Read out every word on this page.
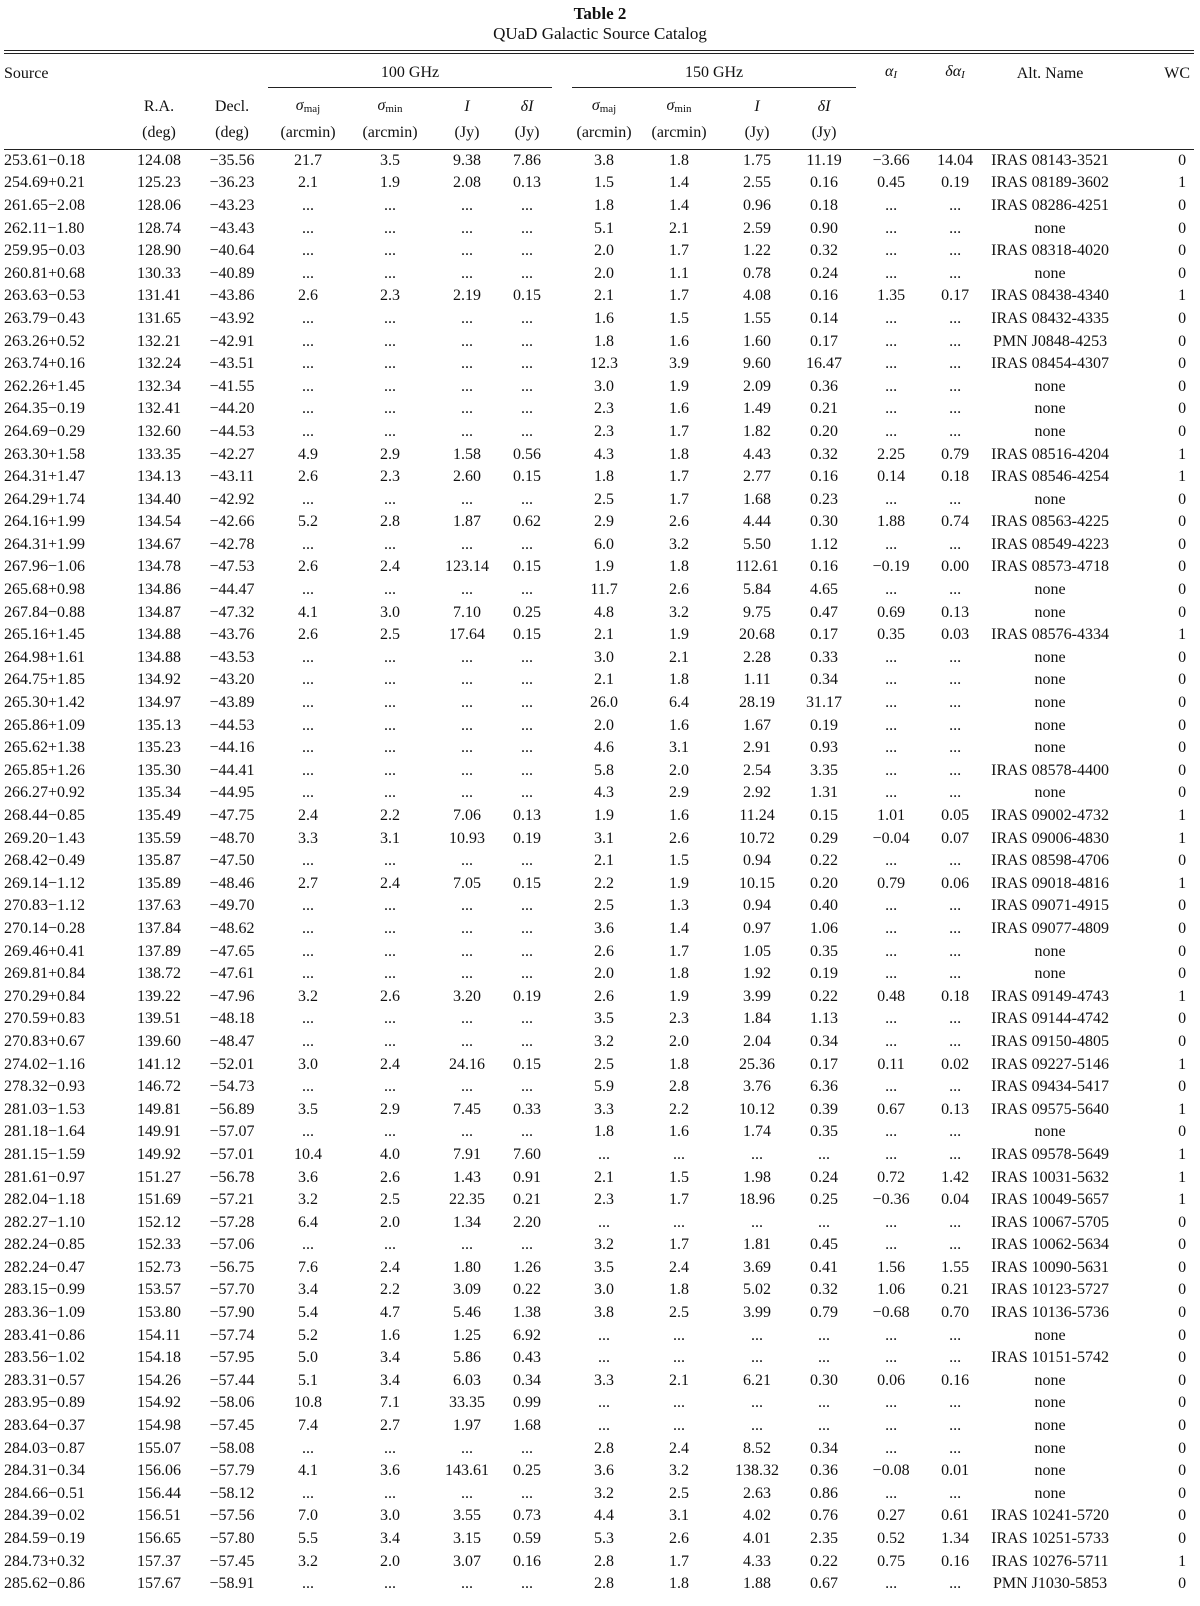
Table 2
QUaD Galactic Source Catalog
Source			100 GHz					150 GHz				αI	δαI	Alt. Name	WC
	R.A.	Decl.	σmaj	σmin	I	δI		σmaj	σmin	I	δI				
	(deg)	(deg)	(arcmin)	(arcmin)	(Jy)	(Jy)		(arcmin)	(arcmin)	(Jy)	(Jy)				
253.61−0.18	124.08	−35.56	21.7	3.5	9.38	7.86		3.8	1.8	1.75	11.19	−3.66	14.04	IRAS 08143-3521	0
254.69+0.21	125.23	−36.23	2.1	1.9	2.08	0.13		1.5	1.4	2.55	0.16	0.45	0.19	IRAS 08189-3602	1
261.65−2.08	128.06	−43.23	...	...	...	...		1.8	1.4	0.96	0.18	...	...	IRAS 08286-4251	0
262.11−1.80	128.74	−43.43	...	...	...	...		5.1	2.1	2.59	0.90	...	...	none	0
259.95−0.03	128.90	−40.64	...	...	...	...		2.0	1.7	1.22	0.32	...	...	IRAS 08318-4020	0
260.81+0.68	130.33	−40.89	...	...	...	...		2.0	1.1	0.78	0.24	...	...	none	0
263.63−0.53	131.41	−43.86	2.6	2.3	2.19	0.15		2.1	1.7	4.08	0.16	1.35	0.17	IRAS 08438-4340	1
263.79−0.43	131.65	−43.92	...	...	...	...		1.6	1.5	1.55	0.14	...	...	IRAS 08432-4335	0
263.26+0.52	132.21	−42.91	...	...	...	...		1.8	1.6	1.60	0.17	...	...	PMN J0848-4253	0
263.74+0.16	132.24	−43.51	...	...	...	...		12.3	3.9	9.60	16.47	...	...	IRAS 08454-4307	0
262.26+1.45	132.34	−41.55	...	...	...	...		3.0	1.9	2.09	0.36	...	...	none	0
264.35−0.19	132.41	−44.20	...	...	...	...		2.3	1.6	1.49	0.21	...	...	none	0
264.69−0.29	132.60	−44.53	...	...	...	...		2.3	1.7	1.82	0.20	...	...	none	0
263.30+1.58	133.35	−42.27	4.9	2.9	1.58	0.56		4.3	1.8	4.43	0.32	2.25	0.79	IRAS 08516-4204	1
264.31+1.47	134.13	−43.11	2.6	2.3	2.60	0.15		1.8	1.7	2.77	0.16	0.14	0.18	IRAS 08546-4254	1
264.29+1.74	134.40	−42.92	...	...	...	...		2.5	1.7	1.68	0.23	...	...	none	0
264.16+1.99	134.54	−42.66	5.2	2.8	1.87	0.62		2.9	2.6	4.44	0.30	1.88	0.74	IRAS 08563-4225	0
264.31+1.99	134.67	−42.78	...	...	...	...		6.0	3.2	5.50	1.12	...	...	IRAS 08549-4223	0
267.96−1.06	134.78	−47.53	2.6	2.4	123.14	0.15		1.9	1.8	112.61	0.16	−0.19	0.00	IRAS 08573-4718	0
265.68+0.98	134.86	−44.47	...	...	...	...		11.7	2.6	5.84	4.65	...	...	none	0
267.84−0.88	134.87	−47.32	4.1	3.0	7.10	0.25		4.8	3.2	9.75	0.47	0.69	0.13	none	0
265.16+1.45	134.88	−43.76	2.6	2.5	17.64	0.15		2.1	1.9	20.68	0.17	0.35	0.03	IRAS 08576-4334	1
264.98+1.61	134.88	−43.53	...	...	...	...		3.0	2.1	2.28	0.33	...	...	none	0
264.75+1.85	134.92	−43.20	...	...	...	...		2.1	1.8	1.11	0.34	...	...	none	0
265.30+1.42	134.97	−43.89	...	...	...	...		26.0	6.4	28.19	31.17	...	...	none	0
265.86+1.09	135.13	−44.53	...	...	...	...		2.0	1.6	1.67	0.19	...	...	none	0
265.62+1.38	135.23	−44.16	...	...	...	...		4.6	3.1	2.91	0.93	...	...	none	0
265.85+1.26	135.30	−44.41	...	...	...	...		5.8	2.0	2.54	3.35	...	...	IRAS 08578-4400	0
266.27+0.92	135.34	−44.95	...	...	...	...		4.3	2.9	2.92	1.31	...	...	none	0
268.44−0.85	135.49	−47.75	2.4	2.2	7.06	0.13		1.9	1.6	11.24	0.15	1.01	0.05	IRAS 09002-4732	1
269.20−1.43	135.59	−48.70	3.3	3.1	10.93	0.19		3.1	2.6	10.72	0.29	−0.04	0.07	IRAS 09006-4830	1
268.42−0.49	135.87	−47.50	...	...	...	...		2.1	1.5	0.94	0.22	...	...	IRAS 08598-4706	0
269.14−1.12	135.89	−48.46	2.7	2.4	7.05	0.15		2.2	1.9	10.15	0.20	0.79	0.06	IRAS 09018-4816	1
270.83−1.12	137.63	−49.70	...	...	...	...		2.5	1.3	0.94	0.40	...	...	IRAS 09071-4915	0
270.14−0.28	137.84	−48.62	...	...	...	...		3.6	1.4	0.97	1.06	...	...	IRAS 09077-4809	0
269.46+0.41	137.89	−47.65	...	...	...	...		2.6	1.7	1.05	0.35	...	...	none	0
269.81+0.84	138.72	−47.61	...	...	...	...		2.0	1.8	1.92	0.19	...	...	none	0
270.29+0.84	139.22	−47.96	3.2	2.6	3.20	0.19		2.6	1.9	3.99	0.22	0.48	0.18	IRAS 09149-4743	1
270.59+0.83	139.51	−48.18	...	...	...	...		3.5	2.3	1.84	1.13	...	...	IRAS 09144-4742	0
270.83+0.67	139.60	−48.47	...	...	...	...		3.2	2.0	2.04	0.34	...	...	IRAS 09150-4805	0
274.02−1.16	141.12	−52.01	3.0	2.4	24.16	0.15		2.5	1.8	25.36	0.17	0.11	0.02	IRAS 09227-5146	1
278.32−0.93	146.72	−54.73	...	...	...	...		5.9	2.8	3.76	6.36	...	...	IRAS 09434-5417	0
281.03−1.53	149.81	−56.89	3.5	2.9	7.45	0.33		3.3	2.2	10.12	0.39	0.67	0.13	IRAS 09575-5640	1
281.18−1.64	149.91	−57.07	...	...	...	...		1.8	1.6	1.74	0.35	...	...	none	0
281.15−1.59	149.92	−57.01	10.4	4.0	7.91	7.60		...	...	...	...	...	...	IRAS 09578-5649	1
281.61−0.97	151.27	−56.78	3.6	2.6	1.43	0.91		2.1	1.5	1.98	0.24	0.72	1.42	IRAS 10031-5632	1
282.04−1.18	151.69	−57.21	3.2	2.5	22.35	0.21		2.3	1.7	18.96	0.25	−0.36	0.04	IRAS 10049-5657	1
282.27−1.10	152.12	−57.28	6.4	2.0	1.34	2.20		...	...	...	...	...	...	IRAS 10067-5705	0
282.24−0.85	152.33	−57.06	...	...	...	...		3.2	1.7	1.81	0.45	...	...	IRAS 10062-5634	0
282.24−0.47	152.73	−56.75	7.6	2.4	1.80	1.26		3.5	2.4	3.69	0.41	1.56	1.55	IRAS 10090-5631	0
283.15−0.99	153.57	−57.70	3.4	2.2	3.09	0.22		3.0	1.8	5.02	0.32	1.06	0.21	IRAS 10123-5727	0
283.36−1.09	153.80	−57.90	5.4	4.7	5.46	1.38		3.8	2.5	3.99	0.79	−0.68	0.70	IRAS 10136-5736	0
283.41−0.86	154.11	−57.74	5.2	1.6	1.25	6.92		...	...	...	...	...	...	none	0
283.56−1.02	154.18	−57.95	5.0	3.4	5.86	0.43		...	...	...	...	...	...	IRAS 10151-5742	0
283.31−0.57	154.26	−57.44	5.1	3.4	6.03	0.34		3.3	2.1	6.21	0.30	0.06	0.16	none	0
283.95−0.89	154.92	−58.06	10.8	7.1	33.35	0.99		...	...	...	...	...	...	none	0
283.64−0.37	154.98	−57.45	7.4	2.7	1.97	1.68		...	...	...	...	...	...	none	0
284.03−0.87	155.07	−58.08	...	...	...	...		2.8	2.4	8.52	0.34	...	...	none	0
284.31−0.34	156.06	−57.79	4.1	3.6	143.61	0.25		3.6	3.2	138.32	0.36	−0.08	0.01	none	0
284.66−0.51	156.44	−58.12	...	...	...	...		3.2	2.5	2.63	0.86	...	...	none	0
284.39−0.02	156.51	−57.56	7.0	3.0	3.55	0.73		4.4	3.1	4.02	0.76	0.27	0.61	IRAS 10241-5720	0
284.59−0.19	156.65	−57.80	5.5	3.4	3.15	0.59		5.3	2.6	4.01	2.35	0.52	1.34	IRAS 10251-5733	0
284.73+0.32	157.37	−57.45	3.2	2.0	3.07	0.16		2.8	1.7	4.33	0.22	0.75	0.16	IRAS 10276-5711	1
285.62−0.86	157.67	−58.91	...	...	...	...		2.8	1.8	1.88	0.67	...	...	PMN J1030-5853	0
